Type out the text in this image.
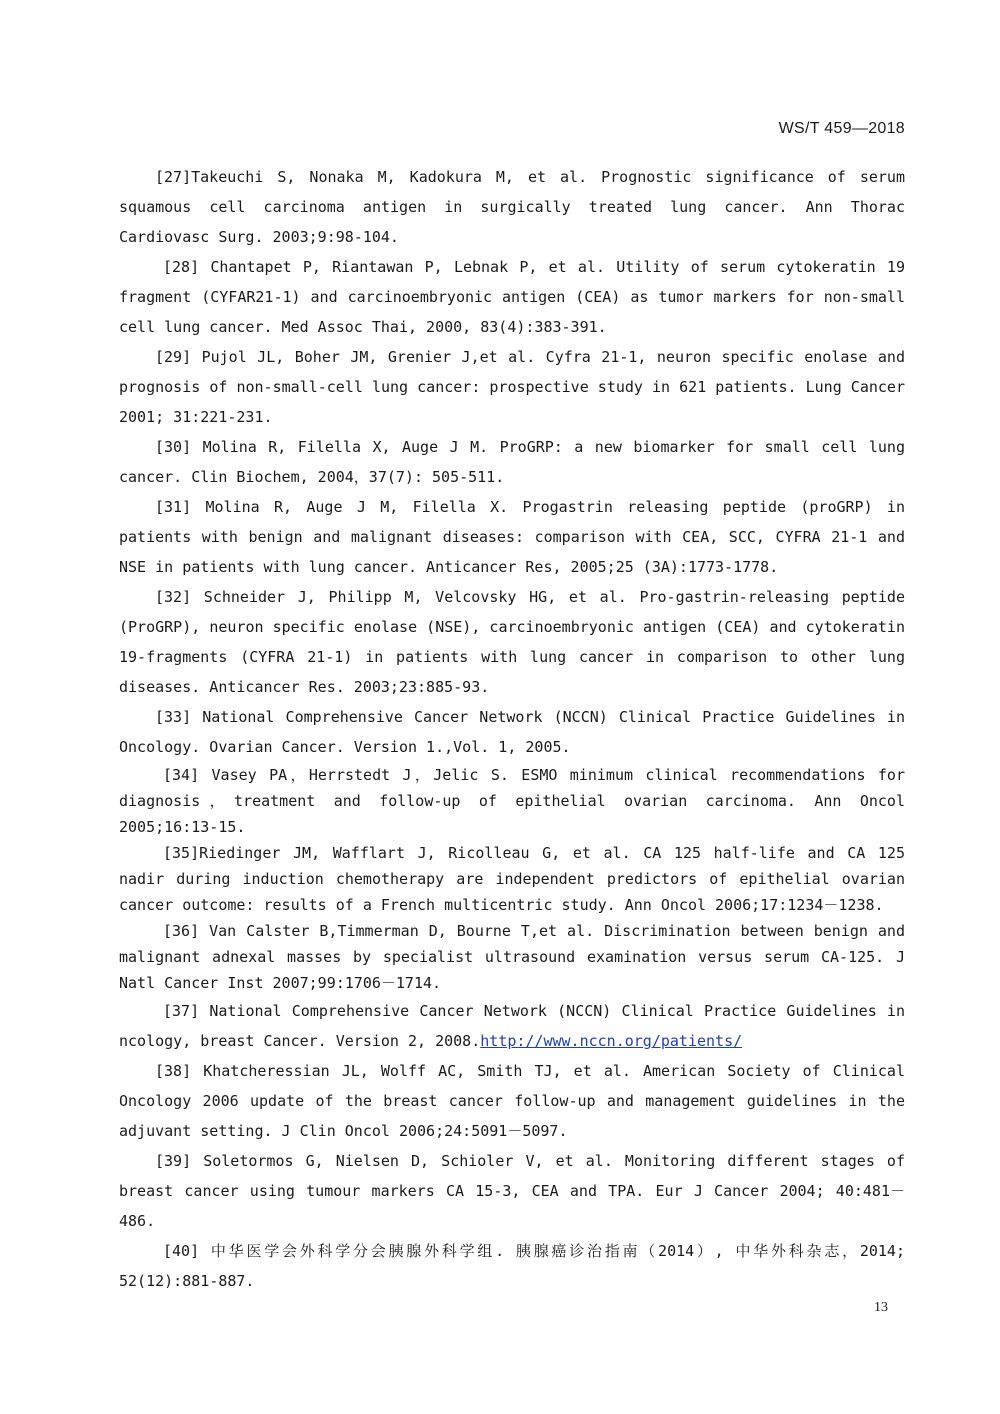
WS/T 459—2018

[27]Takeuchi S, Nonaka M, Kadokura M, et al. Prognostic significance of serum squamous cell carcinoma antigen in surgically treated lung cancer. Ann Thorac Cardiovasc Surg. 2003;9:98-104.

[28] Chantapet P, Riantawan P, Lebnak P, et al. Utility of serum cytokeratin 19 fragment (CYFAR21-1) and carcinoembryonic antigen (CEA) as tumor markers for non-small cell lung cancer. Med Assoc Thai, 2000, 83(4):383-391.

[29] Pujol JL, Boher JM, Grenier J,et al. Cyfra 21-1, neuron specific enolase and prognosis of non-small-cell lung cancer: prospective study in 621 patients. Lung Cancer 2001; 31:221-231.

[30] Molina R, Filella X, Auge J M. ProGRP: a new biomarker for small cell lung cancer. Clin Biochem, 2004，37(7): 505-511.

[31] Molina R, Auge J M, Filella X. Progastrin releasing peptide (proGRP) in patients with benign and malignant diseases: comparison with CEA, SCC, CYFRA 21-1 and NSE in patients with lung cancer. Anticancer Res, 2005;25 (3A):1773-1778.

[32] Schneider J, Philipp M, Velcovsky HG, et al. Pro-gastrin-releasing peptide (ProGRP), neuron specific enolase (NSE), carcinoembryonic antigen (CEA) and cytokeratin 19-fragments (CYFRA 21-1) in patients with lung cancer in comparison to other lung diseases. Anticancer Res. 2003;23:885-93.

[33] National Comprehensive Cancer Network (NCCN) Clinical Practice Guidelines in Oncology. Ovarian Cancer. Version 1.,Vol. 1, 2005.

[34] Vasey PA，Herrstedt J，Jelic S. ESMO minimum clinical recommendations for diagnosis，treatment and follow-up of epithelial ovarian carcinoma. Ann Oncol 2005;16:13-15.

[35]Riedinger JM, Wafflart J, Ricolleau G, et al. CA 125 half-life and CA 125 nadir during induction chemotherapy are independent predictors of epithelial ovarian cancer outcome: results of a French multicentric study. Ann Oncol 2006;17:1234－1238.

[36] Van Calster B,Timmerman D, Bourne T,et al. Discrimination between benign and malignant adnexal masses by specialist ultrasound examination versus serum CA-125. J Natl Cancer Inst 2007;99:1706－1714.

[37] National Comprehensive Cancer Network (NCCN) Clinical Practice Guidelines in ncology, breast Cancer. Version 2, 2008.http://www.nccn.org/patients/

[38] Khatcheressian JL, Wolff AC, Smith TJ, et al. American Society of Clinical Oncology 2006 update of the breast cancer follow-up and management guidelines in the adjuvant setting. J Clin Oncol 2006;24:5091－5097.

[39] Soletormos G, Nielsen D, Schioler V, et al. Monitoring different stages of breast cancer using tumour markers CA 15-3, CEA and TPA. Eur J Cancer 2004; 40:481－486.

[40] 中华医学会外科学分会胰腺外科学组. 胰腺癌诊治指南（2014）, 中华外科杂志，2014; 52(12):881-887.

13
